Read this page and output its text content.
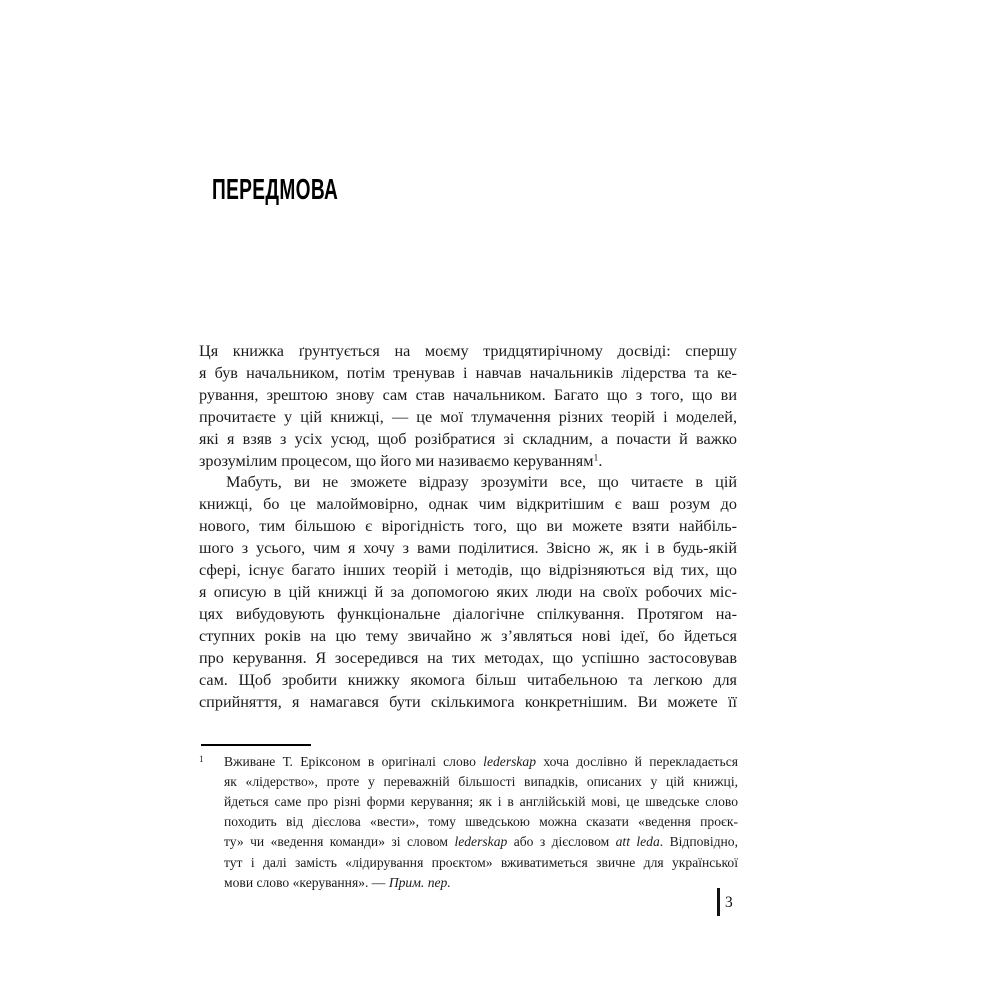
ПЕРЕДМОВА
Ця книжка ґрунтується на моєму тридцятирічному досвіді: спершу
я був начальником, потім тренував і навчав начальників лідерства та ке-
рування, зрештою знову сам став начальником. Багато що з того, що ви
прочитаєте у цій книжці, — це мої тлумачення різних теорій і моделей,
які я взяв з усіх усюд, щоб розібратися зі складним, а почасти й важко
зрозумілим процесом, що його ми називаємо керуванням$^1$.
Мабуть, ви не зможете відразу зрозуміти все, що читаєте в цій
книжці, бо це малоймовірно, однак чим відкритішим є ваш розум до
нового, тим більшою є вірогідність того, що ви можете взяти найбіль-
шого з усього, чим я хочу з вами поділитися. Звісно ж, як і в будь-якій
сфері, існує багато інших теорій і методів, що відрізняються від тих, що
я описую в цій книжці й за допомогою яких люди на своїх робочих міс-
цях вибудовують функціональне діалогічне спілкування. Протягом на-
ступних років на цю тему звичайно ж з’являться нові ідеї, бо йдеться
про керування. Я зосередився на тих методах, що успішно застосовував
сам. Щоб зробити книжку якомога більш читабельною та легкою для
сприйняття, я намагався бути скількимога конкретнішим. Ви можете її
1 Вживане Т. Еріксоном в оригіналі слово lederskap хоча дослівно й перекладається
як «лідерство», проте у переважній більшості випадків, описаних у цій книжці,
йдеться саме про різні форми керування; як і в англійській мові, це шведське слово
походить від дієслова «вести», тому шведською можна сказати «ведення проєк-
ту» чи «ведення команди» зі словом lederskap або з дієсловом att leda. Відповідно,
тут і далі замість «лідирування проєктом» вживатиметься звичне для української
мови слово «керування». — Прим. пер.
3
